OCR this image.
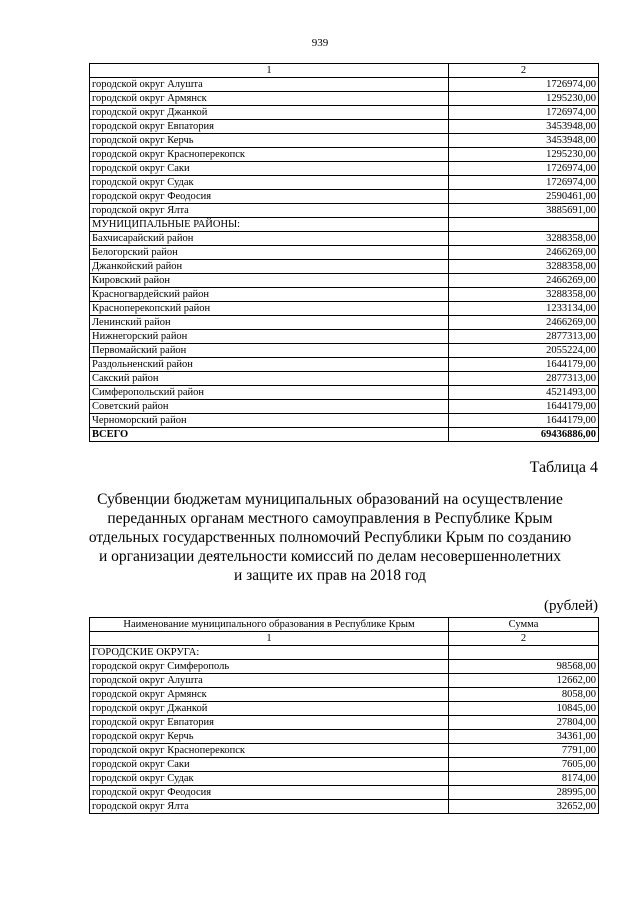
939
1	2
городской округ Алушта	1726974,00
городской округ Армянск	1295230,00
городской округ Джанкой	1726974,00
городской округ Евпатория	3453948,00
городской округ Керчь	3453948,00
городской округ Красноперекопск	1295230,00
городской округ Саки	1726974,00
городской округ Судак	1726974,00
городской округ Феодосия	2590461,00
городской округ Ялта	3885691,00
МУНИЦИПАЛЬНЫЕ РАЙОНЫ:	
Бахчисарайский район	3288358,00
Белогорский район	2466269,00
Джанкойский район	3288358,00
Кировский район	2466269,00
Красногвардейский район	3288358,00
Красноперекопский район	1233134,00
Ленинский район	2466269,00
Нижнегорский район	2877313,00
Первомайский район	2055224,00
Раздольненский район	1644179,00
Сакский район	2877313,00
Симферопольский район	4521493,00
Советский район	1644179,00
Черноморский район	1644179,00
ВСЕГО	69436886,00
Таблица 4
Субвенции бюджетам муниципальных образований на осуществление
переданных органам местного самоуправления в Республике Крым
отдельных государственных полномочий Республики Крым по созданию
и организации деятельности комиссий по делам несовершеннолетних
и защите их прав на 2018 год
(рублей)
Наименование муниципального образования в Республике Крым	Сумма
1	2
ГОРОДСКИЕ ОКРУГА:	
городской округ Симферополь	98568,00
городской округ Алушта	12662,00
городской округ Армянск	8058,00
городской округ Джанкой	10845,00
городской округ Евпатория	27804,00
городской округ Керчь	34361,00
городской округ Красноперекопск	7791,00
городской округ Саки	7605,00
городской округ Судак	8174,00
городской округ Феодосия	28995,00
городской округ Ялта	32652,00
